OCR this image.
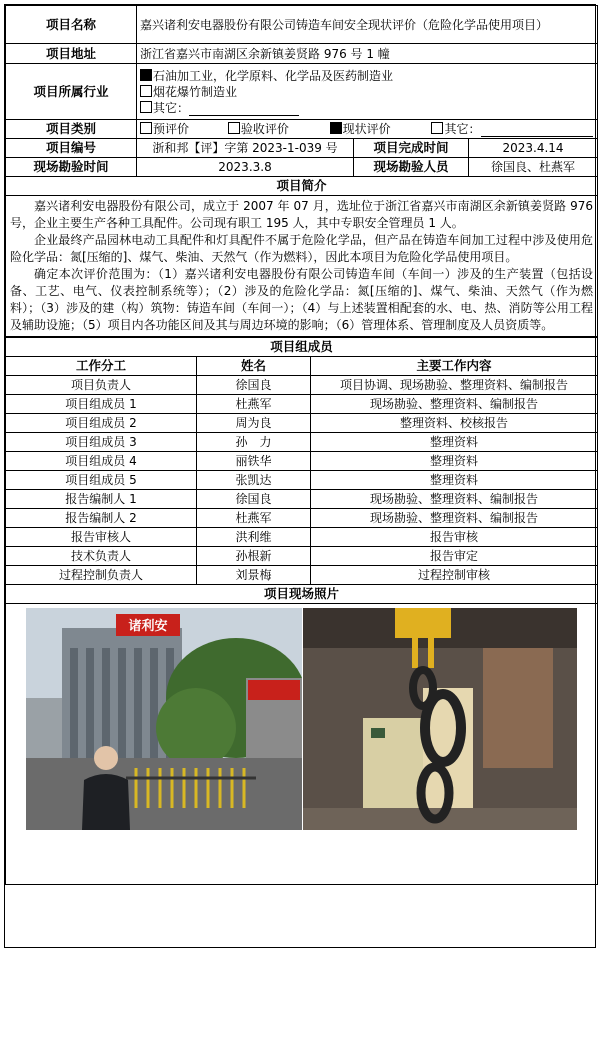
项目名称	嘉兴诸利安电器股份有限公司铸造车间安全现状评价（危险化学品使用项目）		
项目地址	浙江省嘉兴市南湖区余新镇姜贤路 976 号 1 幢		
项目所属行业	石油加工业，化学原料、化学品及医药制造业
烟花爆竹制造业
其它：		

项目类别	预评价 验收评价 现状评价 其它：		
项目编号	浙和邦【评】字第 2023-1-039 号	项目完成时间	2023.4.14
现场勘验时间	2023.3.8	现场勘验人员	徐国良、杜燕军
项目简介			

嘉兴诸利安电器股份有限公司，成立于 2007 年 07 月，选址位于浙江省嘉兴市南湖区余新镇姜贤路 976 号，企业主要生产各种工具配件。公司现有职工 195 人，其中专职安全管理员 1 人。

企业最终产品园林电动工具配件和灯具配件不属于危险化学品，但产品在铸造车间加工过程中涉及使用危险化学品：氮[压缩的]、煤气、柴油、天然气（作为燃料），因此本项目为危险化学品使用项目。

确定本次评价范围为：（1）嘉兴诸利安电器股份有限公司铸造车间（车间一）涉及的生产装置（包括设备、工艺、电气、仪表控制系统等）；（2）涉及的危险化学品：氮[压缩的]、煤气、柴油、天然气（作为燃料）；（3）涉及的建（构）筑物：铸造车间（车间一）；（4）与上述装置相配套的水、电、热、消防等公用工程及辅助设施；（5）项目内各功能区间及其与周边环境的影响；（6）管理体系、管理制度及人员资质等。			

项目组成员		
工作分工	姓名	主要工作内容
项目负责人	徐国良	项目协调、现场勘验、整理资料、编制报告
项目组成员 1	杜燕军	现场勘验、整理资料、编制报告
项目组成员 2	周为良	整理资料、校核报告
项目组成员 3	孙　力	整理资料
项目组成员 4	丽铁华	整理资料
项目组成员 5	张凯达	整理资料
报告编制人 1	徐国良	现场勘验、整理资料、编制报告
报告编制人 2	杜燕军	现场勘验、整理资料、编制报告
报告审核人	洪利维	报告审核
技术负责人	孙根新	报告审定
过程控制负责人	刘景梅	过程控制审核
项目现场照片		

诸利安		
